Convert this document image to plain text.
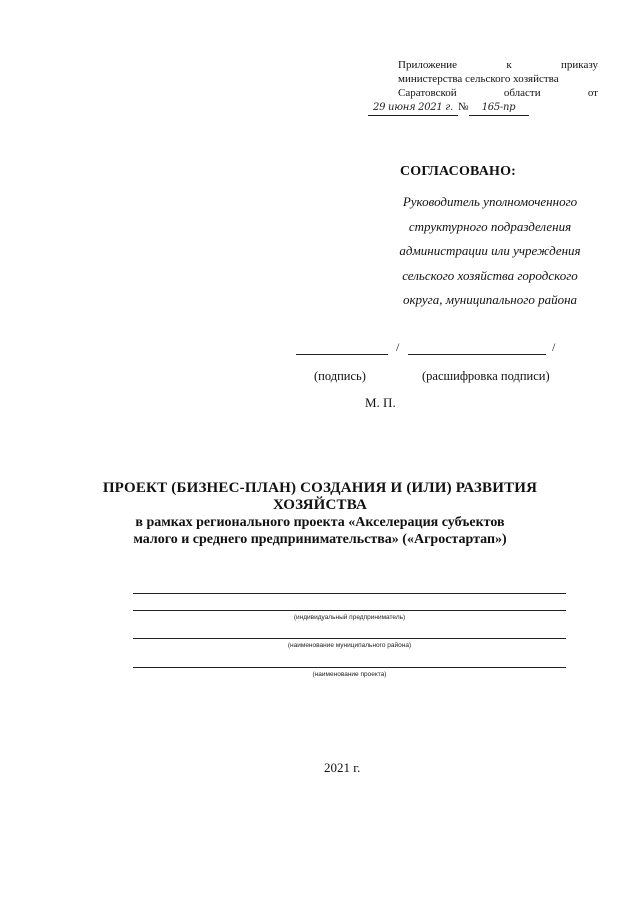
Приложение	к	приказу
министерства сельского хозяйства
Саратовской	области	от
29 июня 2021 г. № 165-пр
СОГЛАСОВАНО:
Руководитель уполномоченного
структурного подразделения
администрации или учреждения
сельского хозяйства городского
округа, муниципального района
/	/
(подпись)	(расшифровка подписи)
М. П.
ПРОЕКТ (БИЗНЕС-ПЛАН) СОЗДАНИЯ И (ИЛИ) РАЗВИТИЯ
ХОЗЯЙСТВА
в рамках регионального проекта «Акселерация субъектов
малого и среднего предпринимательства» («Агростартап»)
(индивидуальный предприниматель)
(наименование муниципального района)
(наименование проекта)
2021 г.
